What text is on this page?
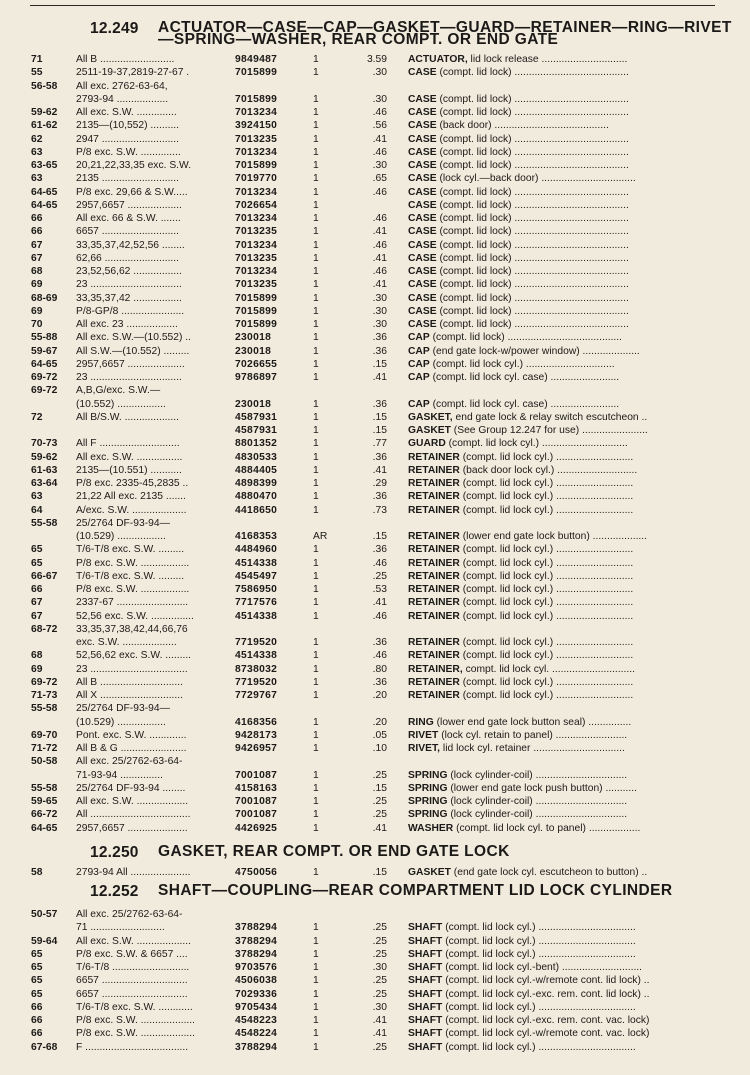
12.249 ACTUATOR—CASE—CAP—GASKET—GUARD—RETAINER—RING—RIVET
—SPRING—WASHER, REAR COMPT. OR END GATE
71	All B ..........................	9849487	1	3.59 ACTUATOR, lid lock release ..............................
55	2511-19-37,2819-27-67 .	7015899	1	.30 CASE (compt. lid lock) ........................................
56-58 All exc. 2762-63-64,
2793-94 ..................	7015899	1	.30 CASE (compt. lid lock) ........................................
59-62 All exc. S.W. ..............	7013234	1	.46 CASE (compt. lid lock) ........................................
61-62 2135—(10,552) ..........	3924150	1	.56 CASE (back door) ........................................
62	2947 ...........................	7013235	1	.41 CASE (compt. lid lock) ........................................
63	P/8 exc. S.W. ..............	7013234	1	.46 CASE (compt. lid lock) ........................................
63-65 20,21,22,33,35 exc. S.W.	7015899	1	.30 CASE (compt. lid lock) ........................................
63	2135 ...........................	7019770	1	.65 CASE (lock cyl.—back door) .................................
64-65 P/8 exc. 29,66 & S.W.....	7013234	1	.46 CASE (compt. lid lock) ........................................
64-65 2957,6657 ...................	7026654	1	CASE (compt. lid lock) ........................................
66	All exc. 66 & S.W. .......	7013234	1	.46 CASE (compt. lid lock) ........................................
66	6657 ...........................	7013235	1	.41 CASE (compt. lid lock) ........................................
67	33,35,37,42,52,56 ........	7013234	1	.46 CASE (compt. lid lock) ........................................
67	62,66 ..........................	7013235	1	.41 CASE (compt. lid lock) ........................................
68	23,52,56,62 .................	7013234	1	.46 CASE (compt. lid lock) ........................................
69	23 ................................	7013235	1	.41 CASE (compt. lid lock) ........................................
68-69 33,35,37,42 .................	7015899	1	.30 CASE (compt. lid lock) ........................................
69	P/8-GP/8 ......................	7015899	1	.30 CASE (compt. lid lock) ........................................
70	All exc. 23 ..................	7015899	1	.30 CASE (compt. lid lock) ........................................
55-88 All exc. S.W.—(10.552) ..	230018	1	.36 CAP (compt. lid lock) ........................................
59-67 All S.W.—(10.552) .........	230018	1	.36 CAP (end gate lock-w/power window) ....................
64-65 2957,6657 ....................	7026655	1	.15 CAP (compt. lid lock cyl.) ...............................
69-72 23 ................................	9786897	1	.41 CAP (compt. lid lock cyl. case) ........................
69-72 A,B,G/exc. S.W.—
(10.552) .................	230018	1	.36 CAP (compt. lid lock cyl. case) ........................
72	All B/S.W. ...................	4587931	1	.15 GASKET, end gate lock & relay switch escutcheon ..
4587931	1	.15 GASKET (See Group 12.247 for use) .......................
70-73 All F ............................	8801352	1	.77 GUARD (compt. lid lock cyl.) ..............................
59-62 All exc. S.W. ................	4830533	1	.36 RETAINER (compt. lid lock cyl.) ...........................
61-63 2135—(10.551) ...........	4884405	1	.41 RETAINER (back door lock cyl.) ............................
63-64 P/8 exc. 2335-45,2835 ..	4898399	1	.29 RETAINER (compt. lid lock cyl.) ...........................
63	21,22 All exc. 2135 .......	4880470	1	.36 RETAINER (compt. lid lock cyl.) ...........................
64	A/exc. S.W. ...................	4418650	1	.73 RETAINER (compt. lid lock cyl.) ...........................
55-58 25/2764 DF-93-94—
(10.529) .................	4168353	AR	.15 RETAINER (lower end gate lock button) ...................
65	T/6-T/8 exc. S.W. .........	4484960	1	.36 RETAINER (compt. lid lock cyl.) ...........................
65	P/8 exc. S.W. .................	4514338	1	.46 RETAINER (compt. lid lock cyl.) ...........................
66-67 T/6-T/8 exc. S.W. .........	4545497	1	.25 RETAINER (compt. lid lock cyl.) ...........................
66	P/8 exc. S.W. .................	7586950	1	.53 RETAINER (compt. lid lock cyl.) ...........................
67	2337-67 .........................	7717576	1	.41 RETAINER (compt. lid lock cyl.) ...........................
67	52,56 exc. S.W. ...............	4514338	1	.46 RETAINER (compt. lid lock cyl.) ...........................
68-72 33,35,37,38,42,44,66,76
exc. S.W. ...................	7719520	1	.36 RETAINER (compt. lid lock cyl.) ...........................
68	52,56,62 exc. S.W. .........	4514338	1	.46 RETAINER (compt. lid lock cyl.) ...........................
69	23 ..................................	8738032	1	.80 RETAINER, compt. lid lock cyl. .............................
69-72 All B .............................	7719520	1	.36 RETAINER (compt. lid lock cyl.) ...........................
71-73 All X .............................	7729767	1	.20 RETAINER (compt. lid lock cyl.) ...........................
55-58 25/2764 DF-93-94—
(10.529) .................	4168356	1	.20 RING (lower end gate lock button seal) ...............
69-70 Pont. exc. S.W. .............	9428173	1	.05 RIVET (lock cyl. retain to panel) .........................
71-72 All B & G .......................	9426957	1	.10 RIVET, lid lock cyl. retainer ................................
50-58 All exc. 25/2762-63-64-
71-93-94 ...............	7001087	1	.25 SPRING (lock cylinder-coil) ................................
55-58 25/2764 DF-93-94 ........	4158163	1	.15 SPRING (lower end gate lock push button) ...........
59-65 All exc. S.W. ..................	7001087	1	.25 SPRING (lock cylinder-coil) ................................
66-72 All ...................................	7001087	1	.25 SPRING (lock cylinder-coil) ................................
64-65 2957,6657 .....................	4426925	1	.41 WASHER (compt. lid lock cyl. to panel) ..................
12.250 GASKET, REAR COMPT. OR END GATE LOCK
58	2793-94 All .....................	4750056	1	.15 GASKET (end gate lock cyl. escutcheon to button) ..
12.252 SHAFT—COUPLING—REAR COMPARTMENT LID LOCK CYLINDER
50-57 All exc. 25/2762-63-64-
71 ..........................	3788294	1	.25 SHAFT (compt. lid lock cyl.) ..................................
59-64 All exc. S.W. ...................	3788294	1	.25 SHAFT (compt. lid lock cyl.) ..................................
65	P/8 exc. S.W. & 6657 ....	3788294	1	.25 SHAFT (compt. lid lock cyl.) ..................................
65	T/6-T/8 ...........................	9703576	1	.30 SHAFT (compt. lid lock cyl.-bent) ............................
65	6657 ..............................	4506038	1	.25 SHAFT (compt. lid lock cyl.-w/remote cont. lid lock) ..
65	6657 ..............................	7029336	1	.25 SHAFT (compt. lid lock cyl.-exc. rem. cont. lid lock) ..
66	T/6-T/8 exc. S.W. ............	9705434	1	.30 SHAFT (compt. lid lock cyl.) ..................................
66	P/8 exc. S.W. ...................	4548223	1	.41 SHAFT (compt. lid lock cyl.-exc. rem. cont. vac. lock)
66	P/8 exc. S.W. ...................	4548224	1	.41 SHAFT (compt. lid lock cyl.-w/remote cont. vac. lock)
67-68 F ....................................	3788294	1	.25 SHAFT (compt. lid lock cyl.) ..................................
